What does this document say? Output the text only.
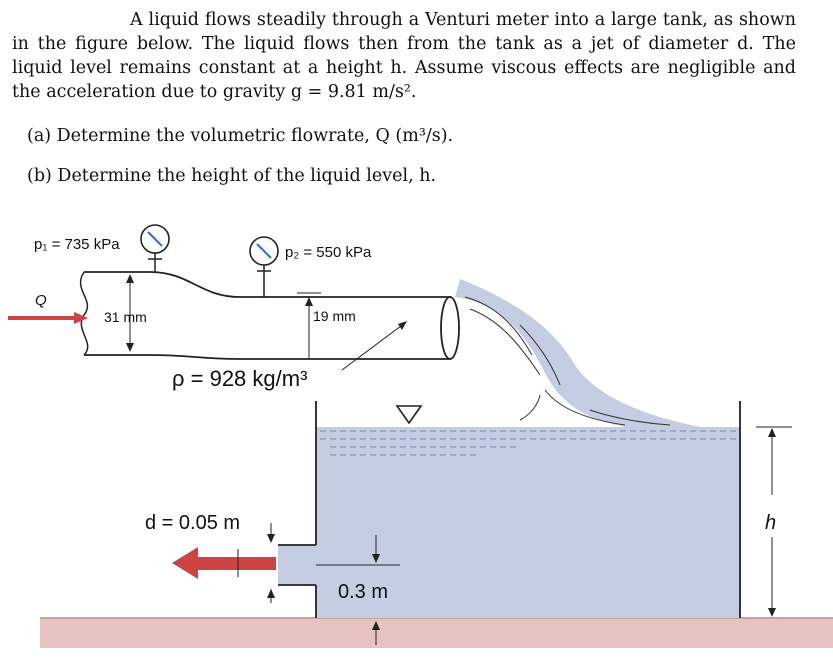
A liquid flows steadily through a Venturi meter into a large tank, as shown in the figure below. The liquid flows then from the tank as a jet of diameter d. The liquid level remains constant at a height h. Assume viscous effects are negligible and the acceleration due to gravity g = 9.81 m/s².

(a) Determine the volumetric flowrate, Q (m³/s).
(b) Determine the height of the liquid level, h.
p₁ = 735 kPa	p₂ = 550 kPa
Q
31 mm	19 mm
ρ = 928 kg/m³
d = 0.05 m
0.3 m
h
